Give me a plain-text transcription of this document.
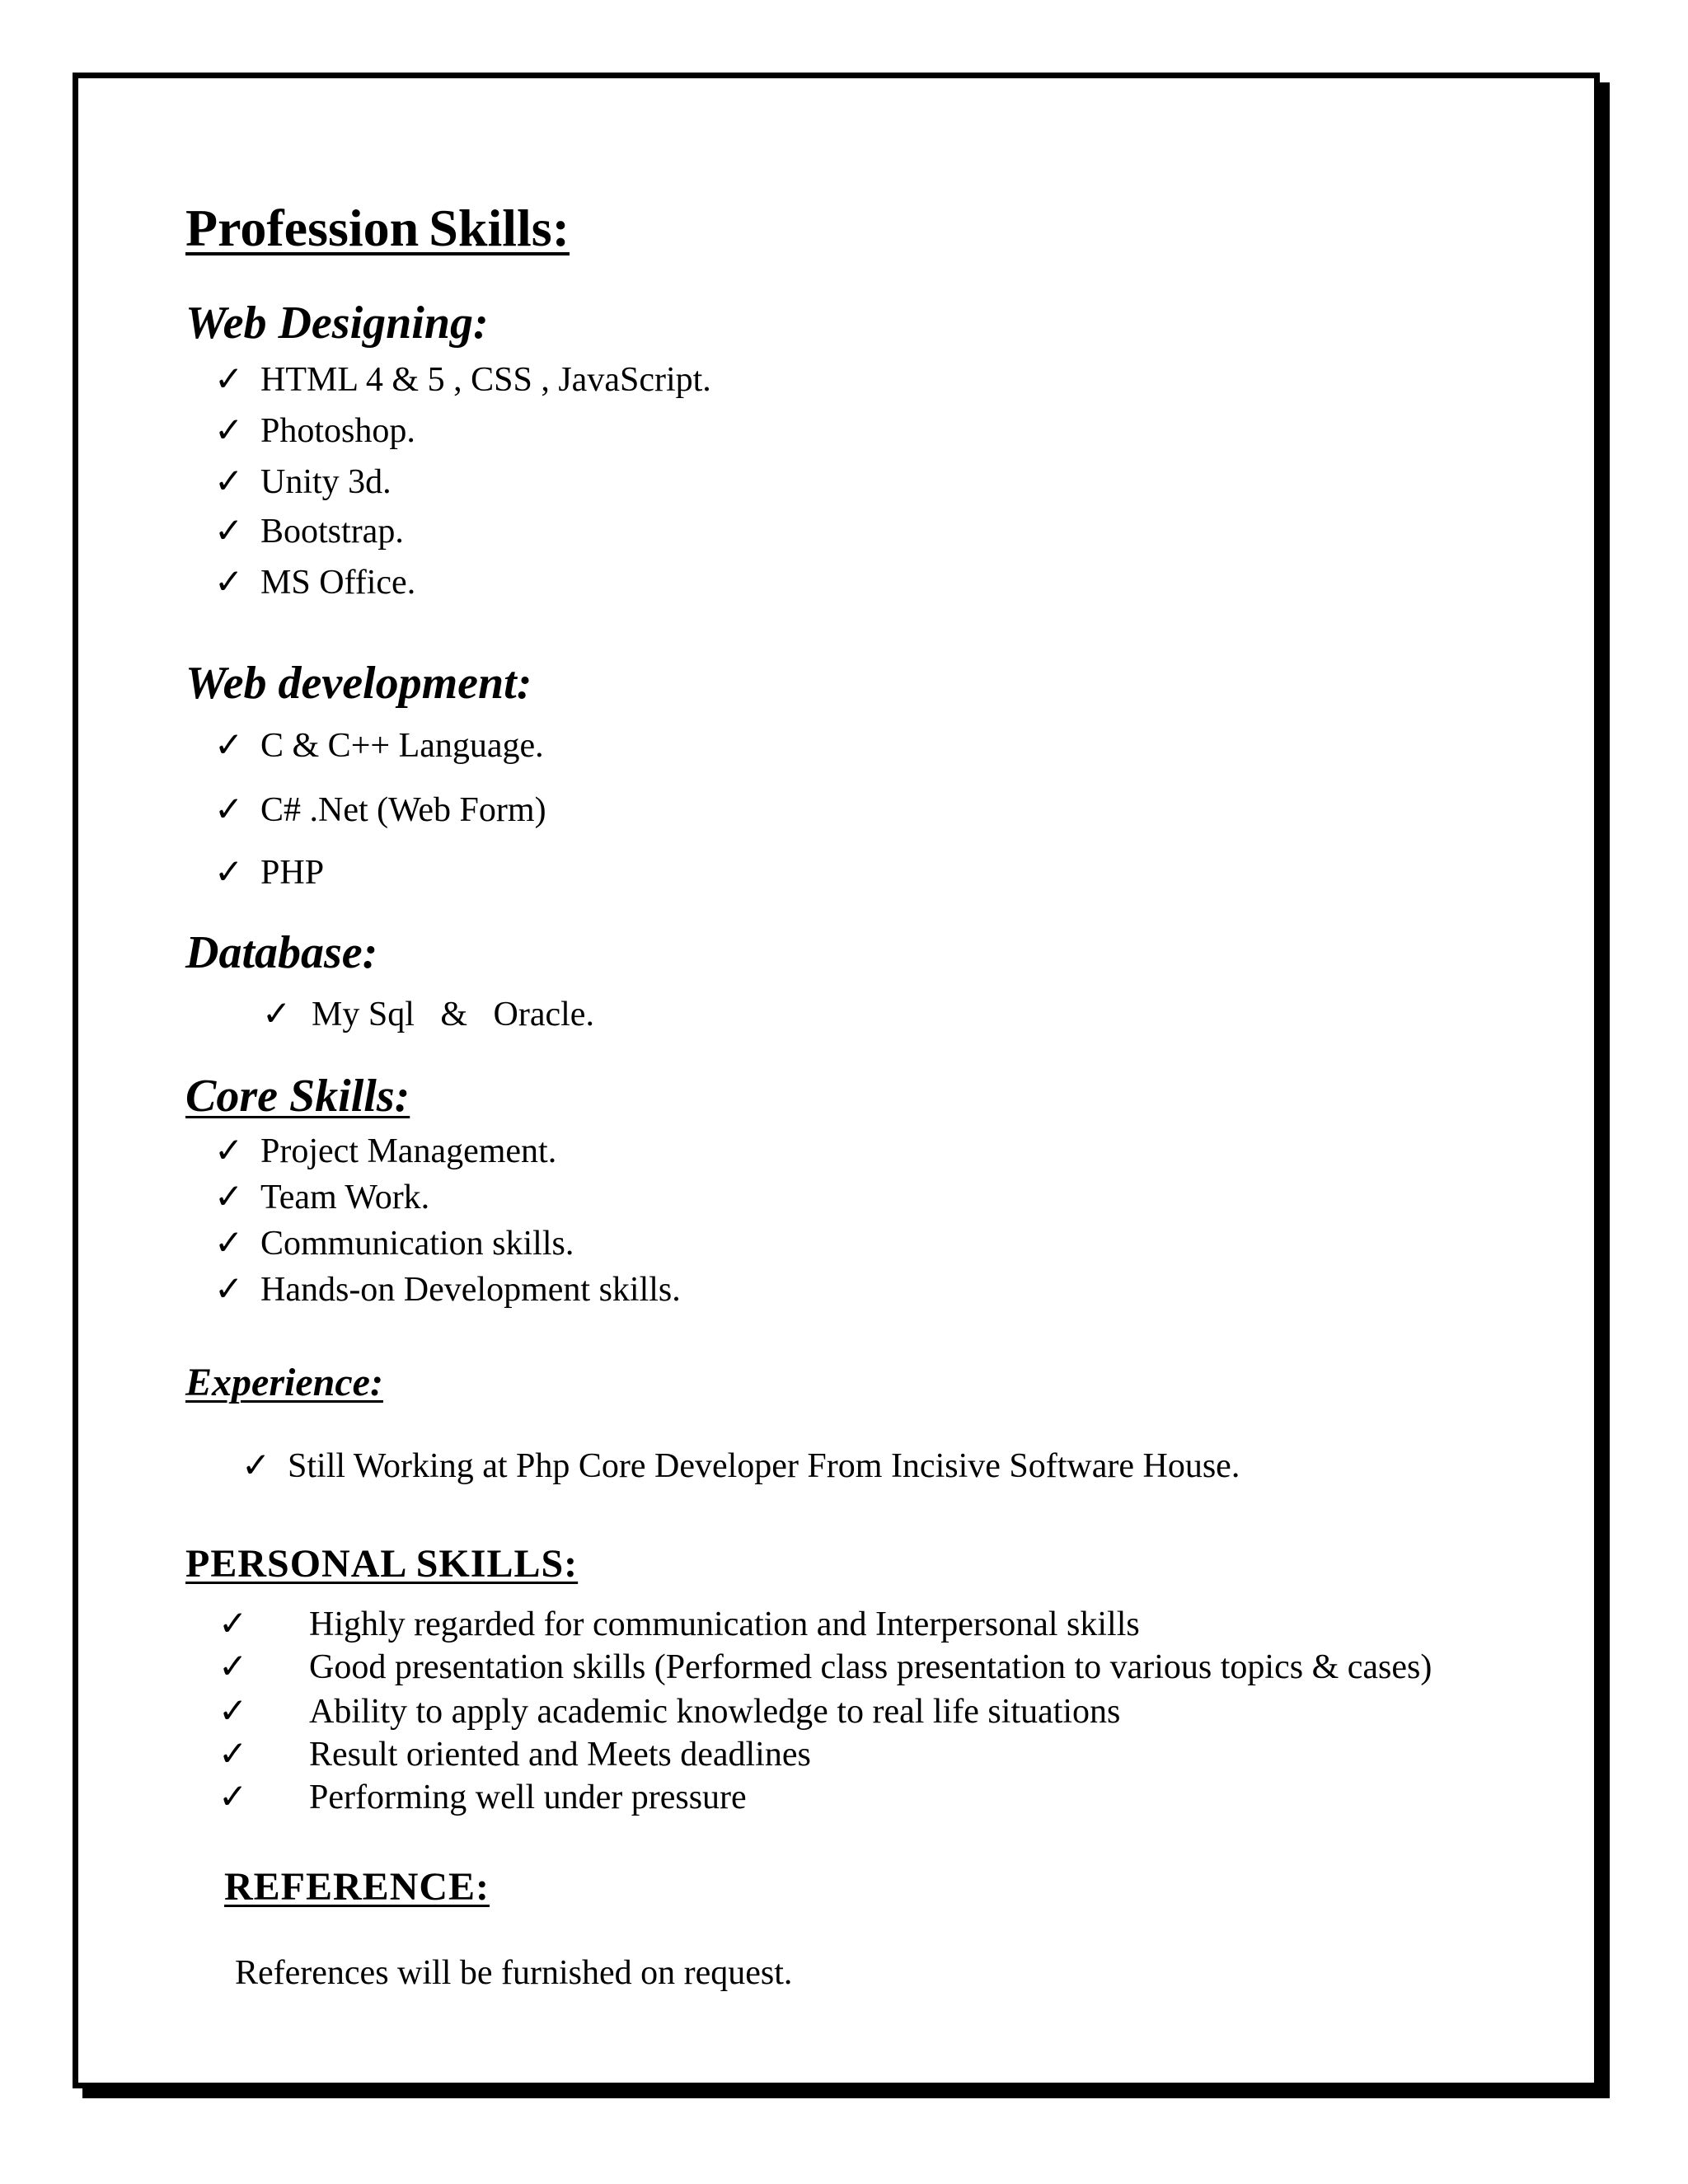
Profession Skills:
Web Designing:
✓ HTML 4 & 5 , CSS , JavaScript.
✓ Photoshop.
✓ Unity 3d.
✓ Bootstrap.
✓ MS Office.
Web development:
✓ C & C++ Language.
✓ C# .Net (Web Form)
✓ PHP
Database:
✓ My Sql   &   Oracle.
Core Skills:
✓ Project Management.
✓ Team Work.
✓ Communication skills.
✓ Hands-on Development skills.
Experience:
✓ Still Working at Php Core Developer From Incisive Software House.
PERSONAL SKILLS:
✓ Highly regarded for communication and Interpersonal skills
✓ Good presentation skills (Performed class presentation to various topics & cases)
✓ Ability to apply academic knowledge to real life situations
✓ Result oriented and Meets deadlines
✓ Performing well under pressure
REFERENCE:
References will be furnished on request.
